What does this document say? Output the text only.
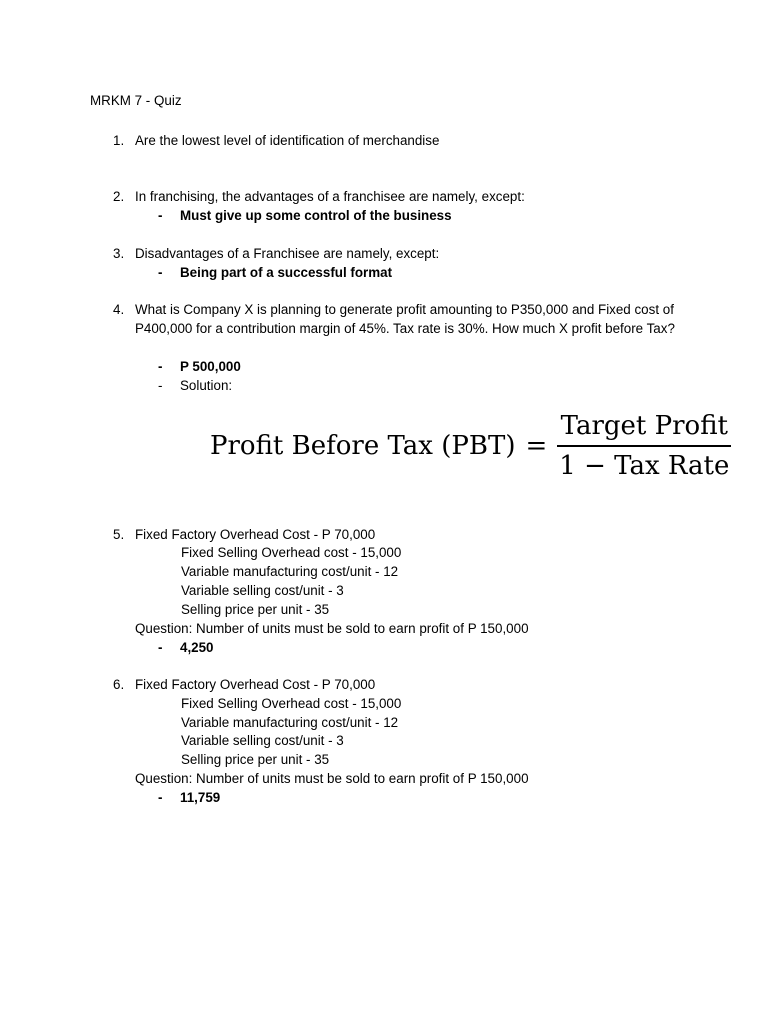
MRKM 7 - Quiz
1. Are the lowest level of identification of merchandise
2. In franchising, the advantages of a franchisee are namely, except:
-	Must give up some control of the business
3. Disadvantages of a Franchisee are namely, except:
-	Being part of a successful format
4. What is Company X is planning to generate profit amounting to P350,000 and Fixed cost of P400,000 for a contribution margin of 45%. Tax rate is 30%. How much X profit before Tax?
-	P 500,000
-	Solution:
Profit Before Tax $(PBT) = \frac{\text{Target Profit}}{\text{1 − Tax Rate}}$
5. Fixed Factory Overhead Cost - P 70,000
Fixed Selling Overhead cost - 15,000
Variable manufacturing cost/unit - 12
Variable selling cost/unit - 3
Selling price per unit - 35
Question: Number of units must be sold to earn profit of P 150,000
-	4,250
6. Fixed Factory Overhead Cost - P 70,000
Fixed Selling Overhead cost - 15,000
Variable manufacturing cost/unit - 12
Variable selling cost/unit - 3
Selling price per unit - 35
Question: Number of units must be sold to earn profit of P 150,000
-	11,759
